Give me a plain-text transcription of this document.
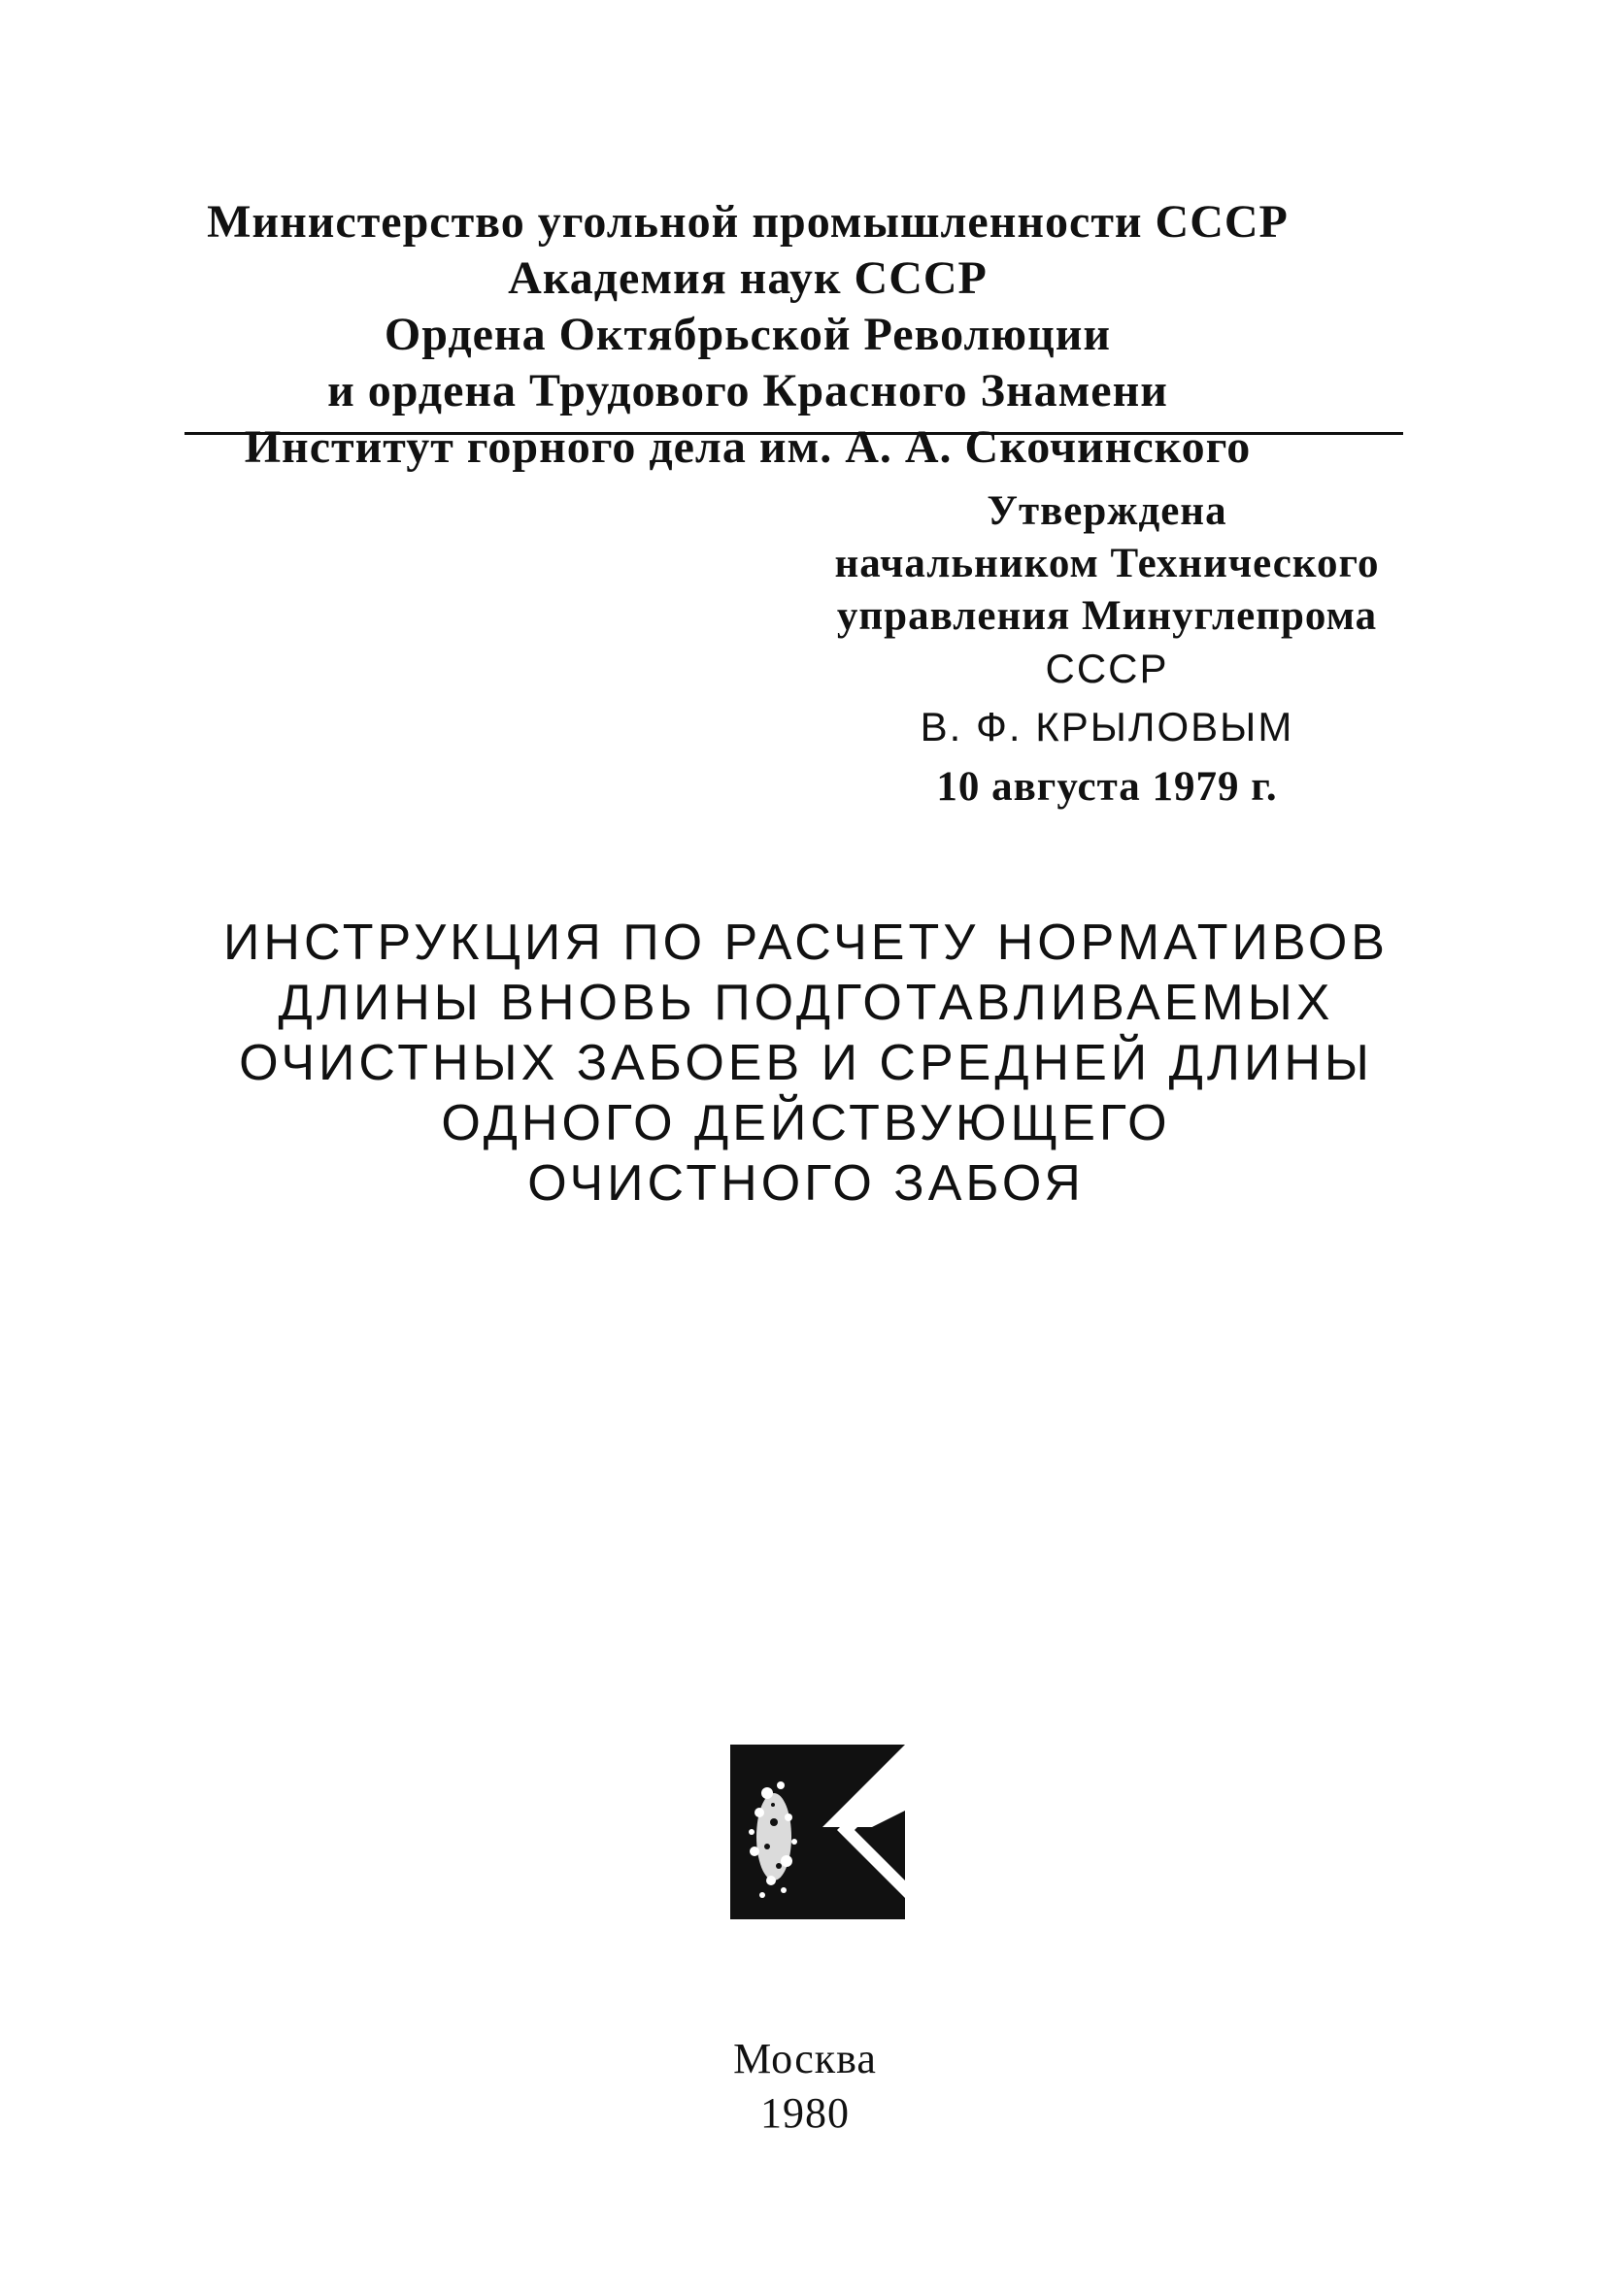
Министерство угольной промышленности СССР
Академия наук СССР
Ордена Октябрьской Революции
и ордена Трудового Красного Знамени
Институт горного дела им. А. А. Скочинского
Утверждена
начальником Технического
управления Минуглепрома
СССР
В. Ф. КРЫЛОВЫМ
10 августа 1979 г.
ИНСТРУКЦИЯ ПО РАСЧЕТУ НОРМАТИВОВ
ДЛИНЫ ВНОВЬ ПОДГОТАВЛИВАЕМЫХ
ОЧИСТНЫХ ЗАБОЕВ И СРЕДНЕЙ ДЛИНЫ
ОДНОГО ДЕЙСТВУЮЩЕГО
ОЧИСТНОГО ЗАБОЯ
Москва
1980
